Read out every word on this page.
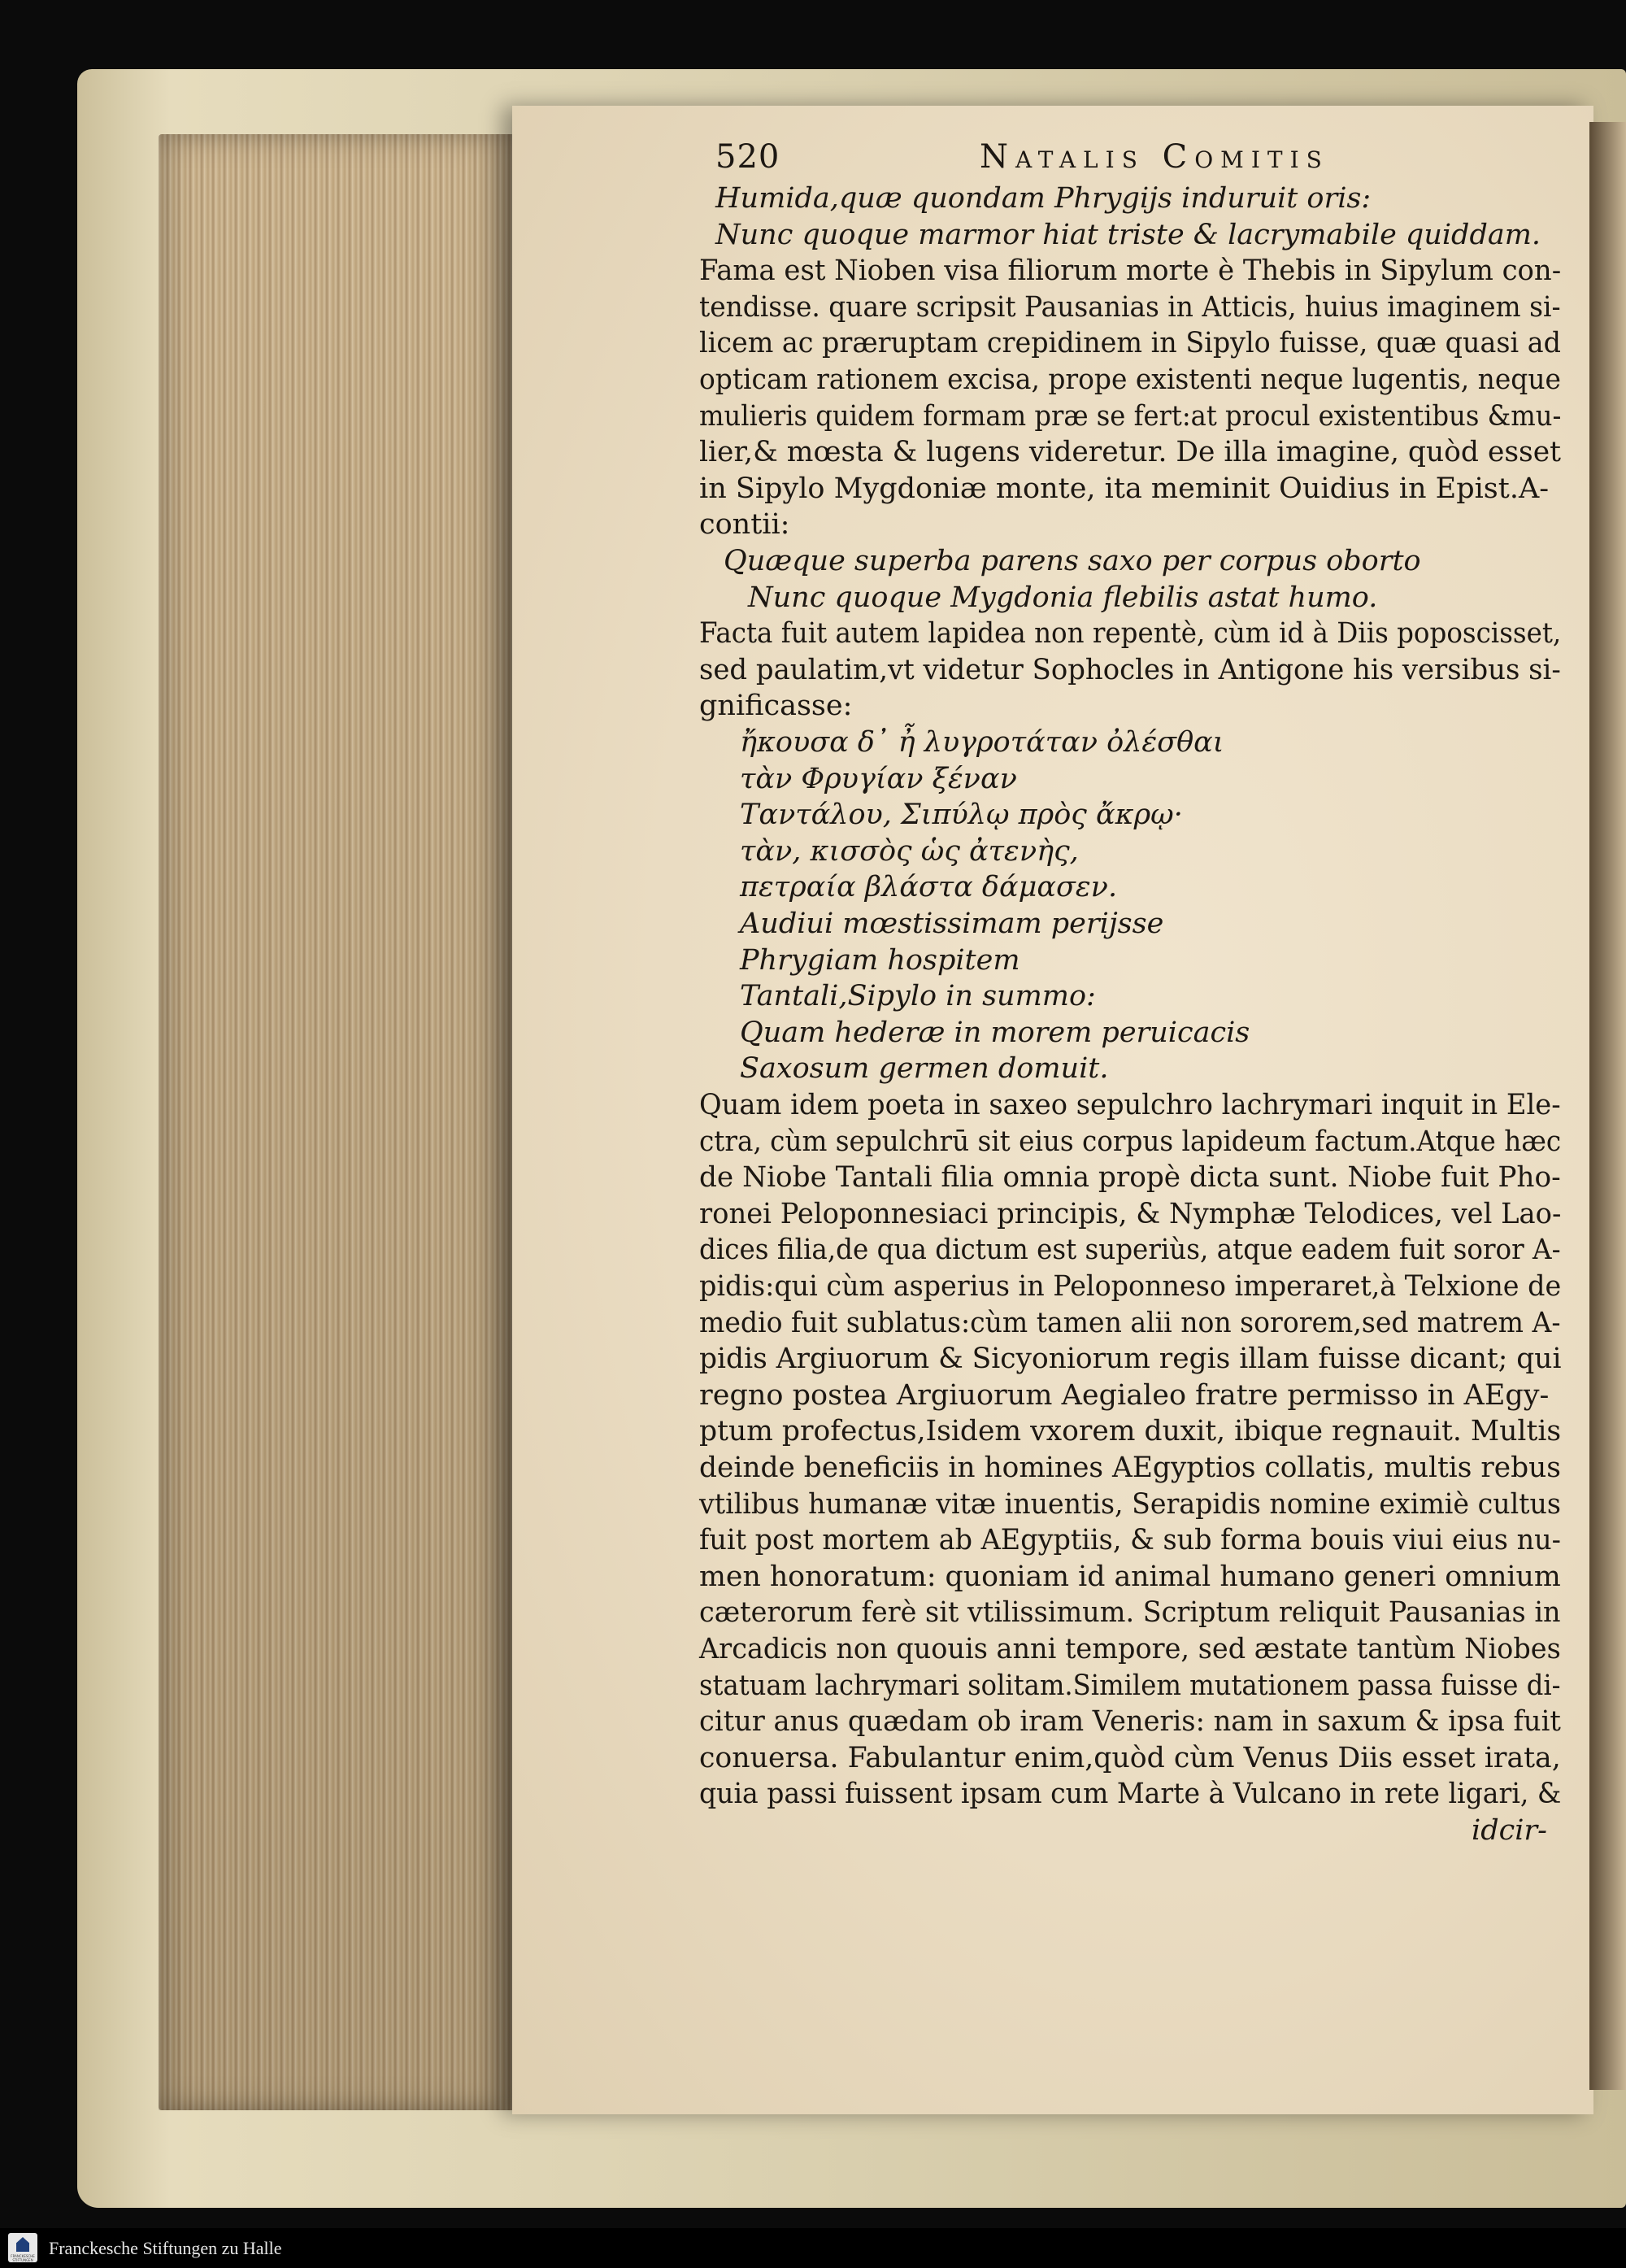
520	Natalis Comitis
Humida,quæ quondam Phrygijs induruit oris:
Nunc quoque marmor hiat triste & lacrymabile quiddam.
Fama est Nioben visa filiorum morte è Thebis in Sipylum con-
tendisse. quare scripsit Pausanias in Atticis, huius imaginem si-
licem ac præruptam crepidinem in Sipylo fuisse, quæ quasi ad
opticam rationem excisa, prope existenti neque lugentis, neque
mulieris quidem formam præ se fert:at procul existentibus &mu-
lier,& mœsta & lugens videretur. De illa imagine, quòd esset
in Sipylo Mygdoniæ monte, ita meminit Ouidius in Epist.A-
contii:
Quæque superba parens saxo per corpus oborto
Nunc quoque Mygdonia flebilis astat humo.
Facta fuit autem lapidea non repentè, cùm id à Diis poposcisset,
sed paulatim,vt videtur Sophocles in Antigone his versibus si-
gnificasse:
ἤκουσα δ᾽ ἦ λυγροτάταν ὀλέσθαι
τὰν Φρυγίαν ξέναν
Ταντάλου, Σιπύλῳ πρὸς ἄκρῳ·
τὰν, κισσὸς ὡς ἀτενὴς,
πετραία βλάστα δάμασεν.
Audiui mœstissimam perijsse
Phrygiam hospitem
Tantali,Sipylo in summo:
Quam hederæ in morem peruicacis
Saxosum germen domuit.
Quam idem poeta in saxeo sepulchro lachrymari inquit in Ele-
ctra, cùm sepulchrū sit eius corpus lapideum factum.Atque hæc
de Niobe Tantali filia omnia propè dicta sunt. Niobe fuit Pho-
ronei Peloponnesiaci principis, & Nymphæ Telodices, vel Lao-
dices filia,de qua dictum est superiùs, atque eadem fuit soror A-
pidis:qui cùm asperius in Peloponneso imperaret,à Telxione de
medio fuit sublatus:cùm tamen alii non sororem,sed matrem A-
pidis Argiuorum & Sicyoniorum regis illam fuisse dicant; qui
regno postea Argiuorum Aegialeo fratre permisso in AEgy-
ptum profectus,Isidem vxorem duxit, ibique regnauit. Multis
deinde beneficiis in homines AEgyptios collatis, multis rebus
vtilibus humanæ vitæ inuentis, Serapidis nomine eximiè cultus
fuit post mortem ab AEgyptiis, & sub forma bouis viui eius nu-
men honoratum: quoniam id animal humano generi omnium
cæterorum ferè sit vtilissimum. Scriptum reliquit Pausanias in
Arcadicis non quouis anni tempore, sed æstate tantùm Niobes
statuam lachrymari solitam.Similem mutationem passa fuisse di-
citur anus quædam ob iram Veneris: nam in saxum & ipsa fuit
conuersa. Fabulantur enim,quòd cùm Venus Diis esset irata,
quia passi fuissent ipsam cum Marte à Vulcano in rete ligari, &
idcir-
FRANCKESCHE STIFTUNGEN
Franckesche Stiftungen zu Halle
